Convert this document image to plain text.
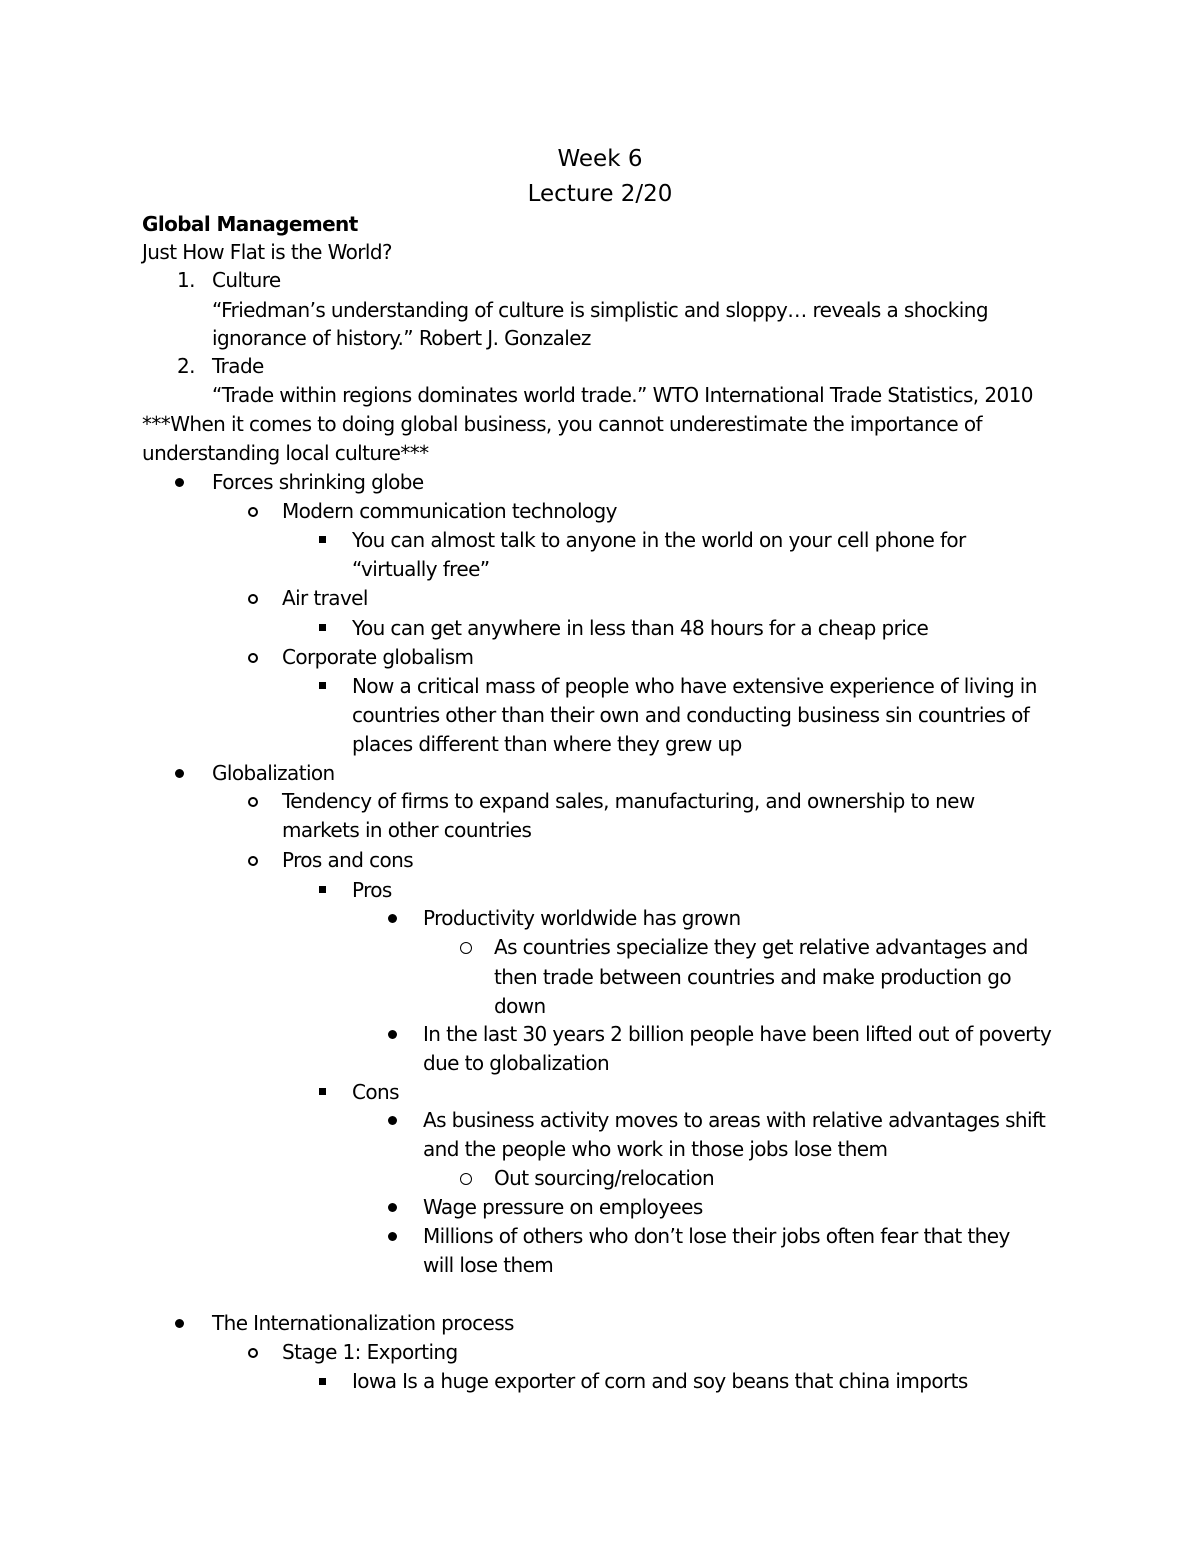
Week 6
Lecture 2/20
Global Management
Just How Flat is the World?
1. Culture
“Friedman’s understanding of culture is simplistic and sloppy… reveals a shocking
ignorance of history.” Robert J. Gonzalez
2. Trade
“Trade within regions dominates world trade.” WTO International Trade Statistics, 2010
***When it comes to doing global business, you cannot underestimate the importance of
understanding local culture***
Forces shrinking globe
Modern communication technology
You can almost talk to anyone in the world on your cell phone for
“virtually free”
Air travel
You can get anywhere in less than 48 hours for a cheap price
Corporate globalism
Now a critical mass of people who have extensive experience of living in
countries other than their own and conducting business sin countries of
places different than where they grew up
Globalization
Tendency of firms to expand sales, manufacturing, and ownership to new
markets in other countries
Pros and cons
Pros
Productivity worldwide has grown
As countries specialize they get relative advantages and
then trade between countries and make production go
down
In the last 30 years 2 billion people have been lifted out of poverty
due to globalization
Cons
As business activity moves to areas with relative advantages shift
and the people who work in those jobs lose them
Out sourcing/relocation
Wage pressure on employees
Millions of others who don’t lose their jobs often fear that they
will lose them
The Internationalization process
Stage 1: Exporting
Iowa Is a huge exporter of corn and soy beans that china imports
